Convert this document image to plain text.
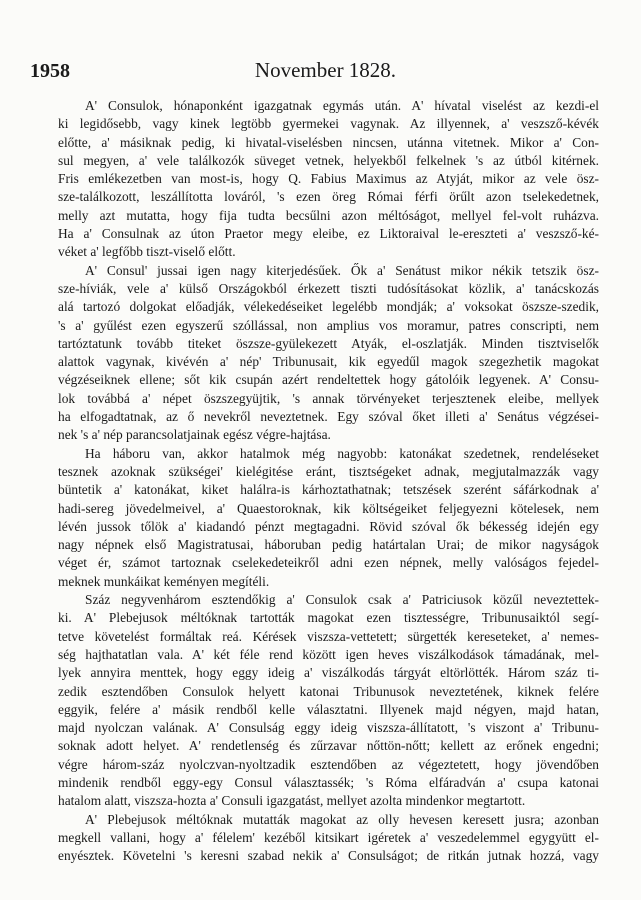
1958	November 1828.
A' Consulok, hónaponként igazgatnak egymás után. A' hívatal viselést az kezdi-el
ki legidősebb, vagy kinek legtöbb gyermekei vagynak. Az illyennek, a' veszsző-kévék
előtte, a' másiknak pedig, ki hivatal-viselésben nincsen, utánna vitetnek. Mikor a' Con-
sul megyen, a' vele találkozók süveget vetnek, helyekből felkelnek 's az útból kitérnek.
Fris emlékezetben van most-is, hogy Q. Fabius Maximus az Atyját, mikor az vele ösz-
sze-találkozott, leszállította lováról, 's ezen öreg Római férfi örűlt azon tselekedetnek,
melly azt mutatta, hogy fija tudta becsűlni azon méltóságot, mellyel fel-volt ruházva.
Ha a' Consulnak az úton Praetor megy eleibe, ez Liktoraival le-ereszteti a' veszsző-ké-
véket a' legfőbb tiszt-viselő előtt.
A' Consul' jussai igen nagy kiterjedésűek. Ők a' Senátust mikor nékik tetszik ösz-
sze-híviák, vele a' külső Országokból érkezett tiszti tudósításokat közlik, a' tanácskozás
alá tartozó dolgokat előadják, vélekedéseiket legelébb mondják; a' voksokat öszsze-szedik,
's a' gyűlést ezen egyszerű szóllással, non amplius vos moramur, patres conscripti, nem
tartóztatunk tovább titeket öszsze-gyülekezett Atyák, el-oszlatják. Minden tisztviselők
alattok vagynak, kivévén a' nép' Tribunusait, kik egyedűl magok szegezhetik magokat
végzéseiknek ellene; sőt kik csupán azért rendeltettek hogy gátolóik legyenek. A' Consu-
lok továbbá a' népet öszszegyüjtik, 's annak törvényeket terjesztenek eleibe, mellyek
ha elfogadtatnak, az ő nevekről neveztetnek. Egy szóval őket illeti a' Senátus végzései-
nek 's a' nép parancsolatjainak egész végre-hajtása.
Ha háboru van, akkor hatalmok még nagyobb: katonákat szedetnek, rendeléseket
tesznek azoknak szükségei' kielégitése eránt, tisztségeket adnak, megjutalmazzák vagy
büntetik a' katonákat, kiket halálra-is kárhoztathatnak; tetszések szerént sáfárkodnak a'
hadi-sereg jövedelmeivel, a' Quaestoroknak, kik költségeiket feljegyezni kötelesek, nem
lévén jussok tőlök a' kiadandó pénzt megtagadni. Rövid szóval ők békesség idején egy
nagy népnek első Magistratusai, háboruban pedig határtalan Urai; de mikor nagyságok
véget ér, számot tartoznak cselekedeteikről adni ezen népnek, melly valóságos fejedel-
meknek munkáikat keményen megítéli.
Száz negyvenhárom esztendőkig a' Consulok csak a' Patriciusok közűl neveztettek-
ki. A' Plebejusok méltóknak tartották magokat ezen tisztességre, Tribunusaiktól segí-
tetve követelést formáltak reá. Kérések viszsza-vettetett; sürgették kereseteket, a' nemes-
ség hajthatatlan vala. A' két féle rend között igen heves viszálkodások támadának, mel-
lyek annyira menttek, hogy eggy ideig a' viszálkodás tárgyát eltörlötték. Három száz ti-
zedik esztendőben Consulok helyett katonai Tribunusok neveztetének, kiknek felére
eggyik, felére a' másik rendből kelle választatni. Illyenek majd négyen, majd hatan,
majd nyolczan valának. A' Consulság eggy ideig viszsza-állítatott, 's viszont a' Tribunu-
soknak adott helyet. A' rendetlenség és zűrzavar nőttön-nőtt; kellett az erőnek engedni;
végre három-száz nyolczvan-nyoltzadik esztendőben az végeztetett, hogy jövendőben
mindenik rendből eggy-egy Consul választassék; 's Róma elfáradván a' csupa katonai
hatalom alatt, viszsza-hozta a' Consuli igazgatást, mellyet azolta mindenkor megtartott.
A' Plebejusok méltóknak mutatták magokat az olly hevesen keresett jusra; azonban
megkell vallani, hogy a' félelem' kezéből kitsikart igéretek a' veszedelemmel egygyütt el-
enyésztek. Követelni 's keresni szabad nekik a' Consulságot; de ritkán jutnak hozzá, vagy
